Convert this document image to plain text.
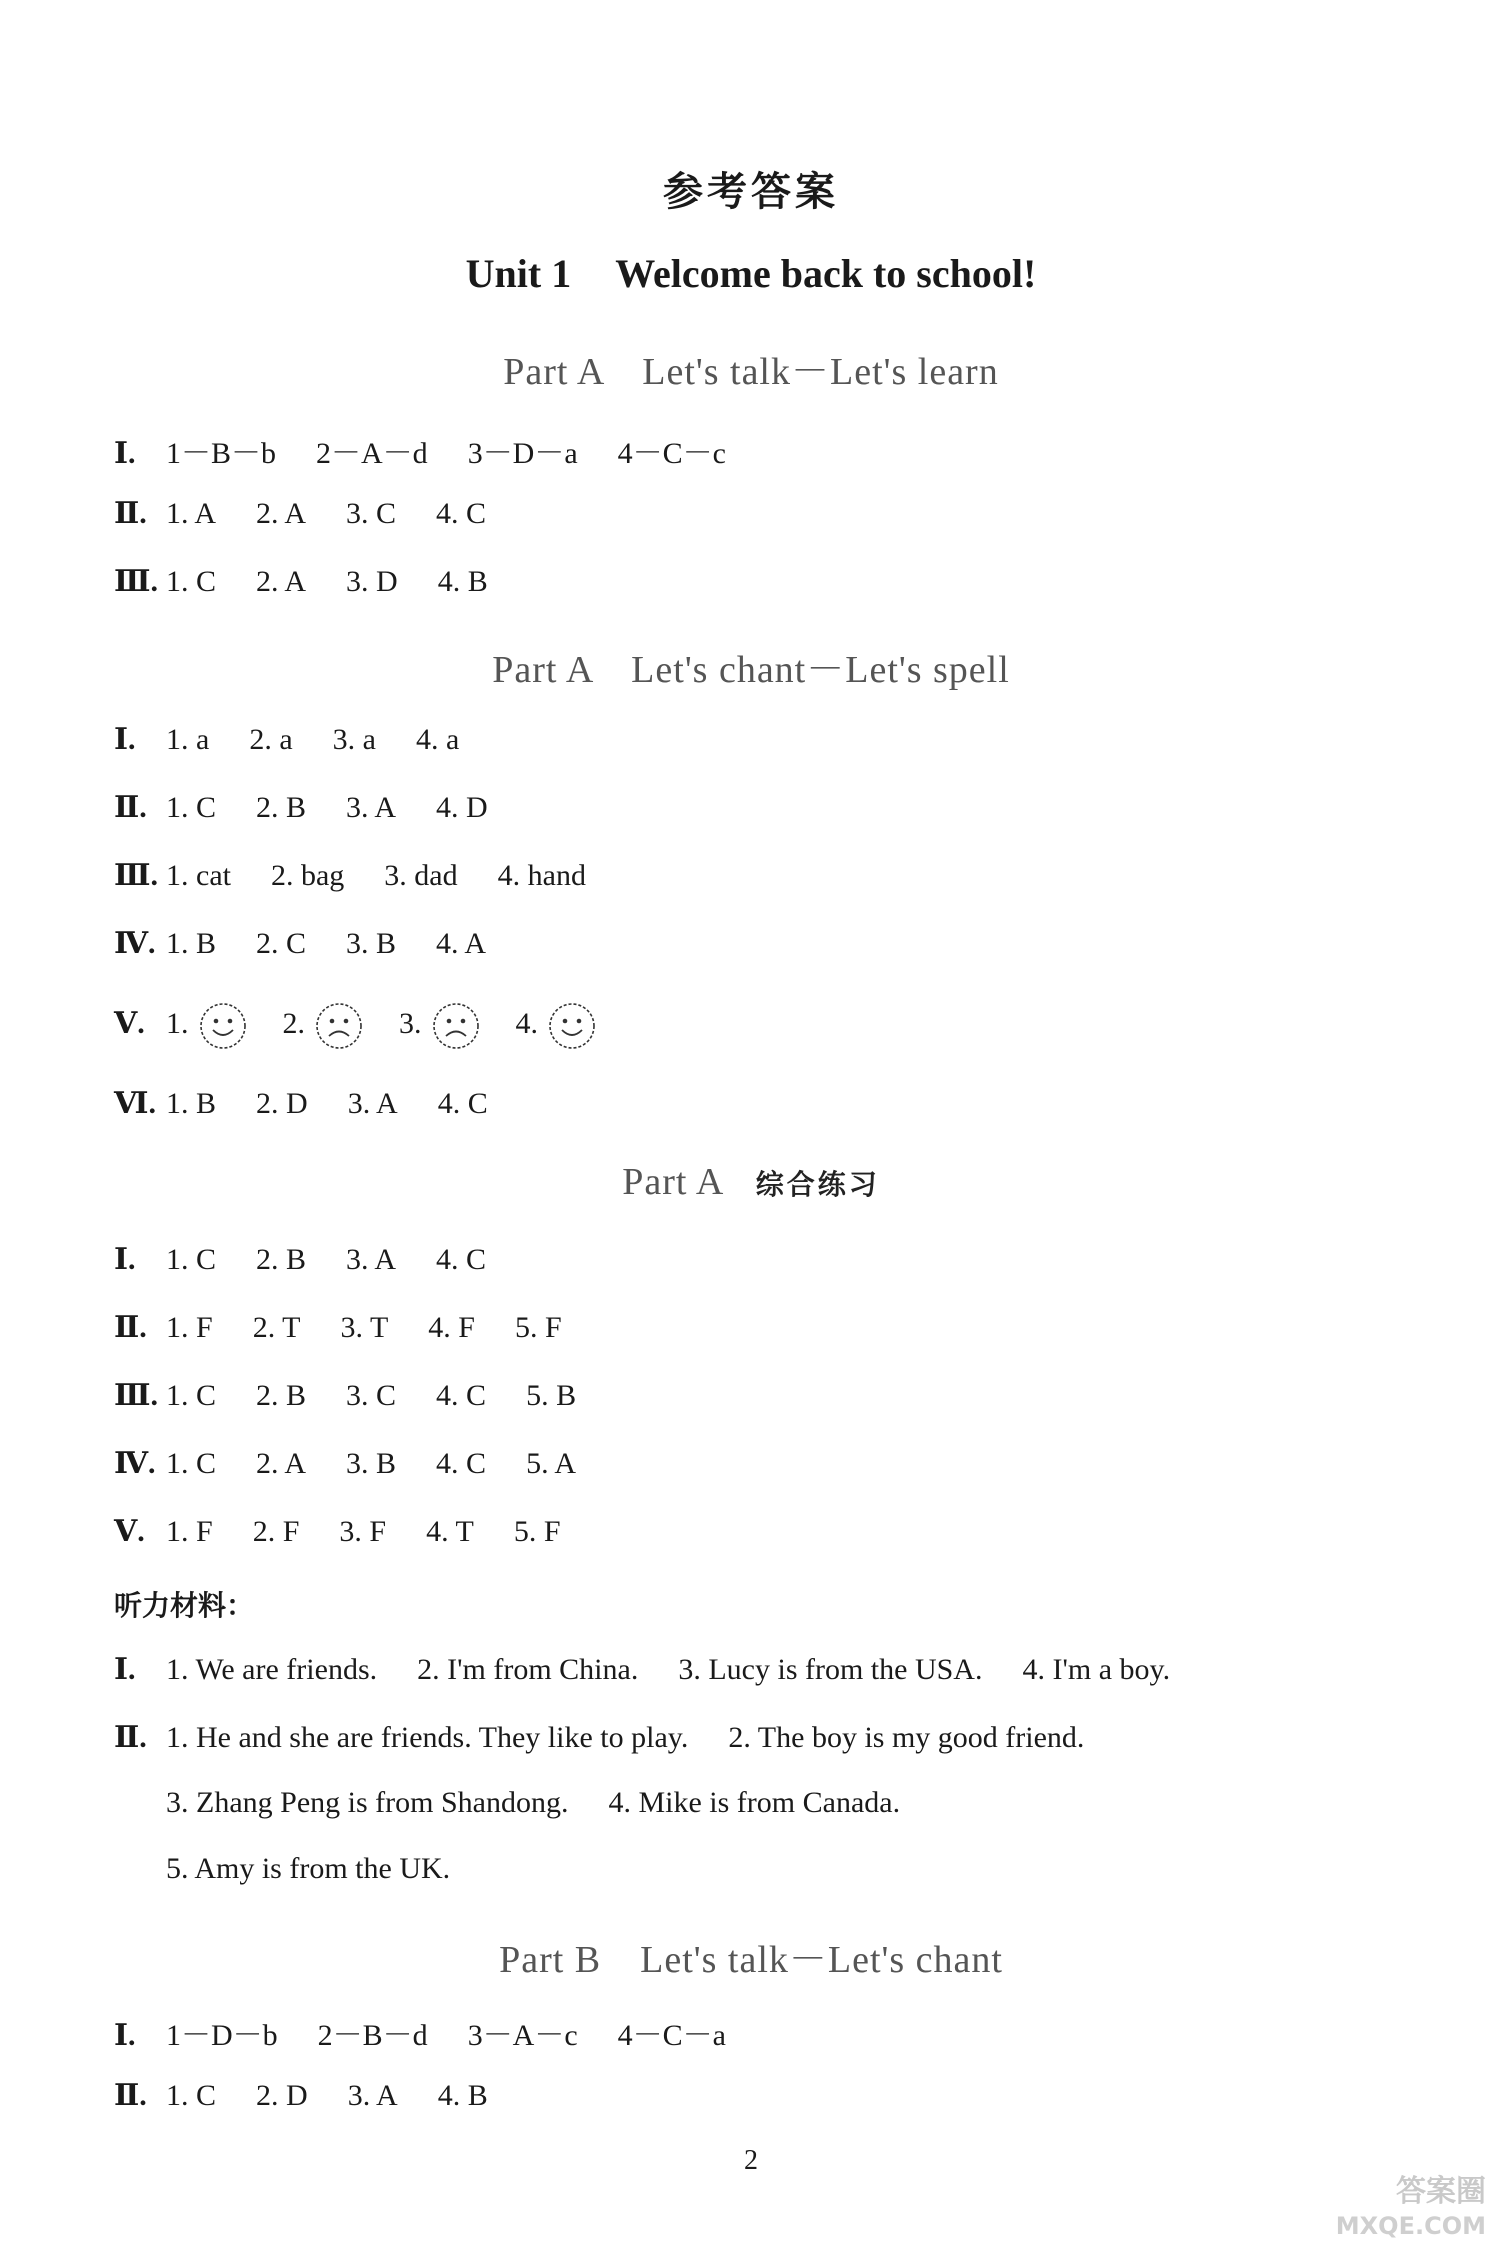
参考答案
Unit 1 Welcome back to school!
Part A　Let's talk－Let's learn
Ⅰ. 1－B－b 2－A－d 3－D－a 4－C－c
Ⅱ. 1. A 2. A 3. C 4. C
Ⅲ. 1. C 2. A 3. D 4. B
Part A　Let's chant－Let's spell
Ⅰ. 1. a 2. a 3. a 4. a
Ⅱ. 1. C 2. B 3. A 4. D
Ⅲ. 1. cat 2. bag 3. dad 4. hand
Ⅳ. 1. B 2. C 3. B 4. A
Ⅴ. 1.	2.	3.	4.
Ⅵ. 1. B 2. D 3. A 4. C
Part A 综合练习
Ⅰ. 1. C 2. B 3. A 4. C
Ⅱ. 1. F 2. T 3. T 4. F 5. F
Ⅲ. 1. C 2. B 3. C 4. C 5. B
Ⅳ. 1. C 2. A 3. B 4. C 5. A
Ⅴ. 1. F 2. F 3. F 4. T 5. F
听力材料：
Ⅰ. 1. We are friends. 2. I'm from China. 3. Lucy is from the USA. 4. I'm a boy.
Ⅱ. 1. He and she are friends. They like to play. 2. The boy is my good friend.
3. Zhang Peng is from Shandong. 4. Mike is from Canada.
5. Amy is from the UK.
Part B　Let's talk－Let's chant
Ⅰ. 1－D－b 2－B－d 3－A－c 4－C－a
Ⅱ. 1. C 2. D 3. A 4. B
2
答案圈
MXQE.COM
